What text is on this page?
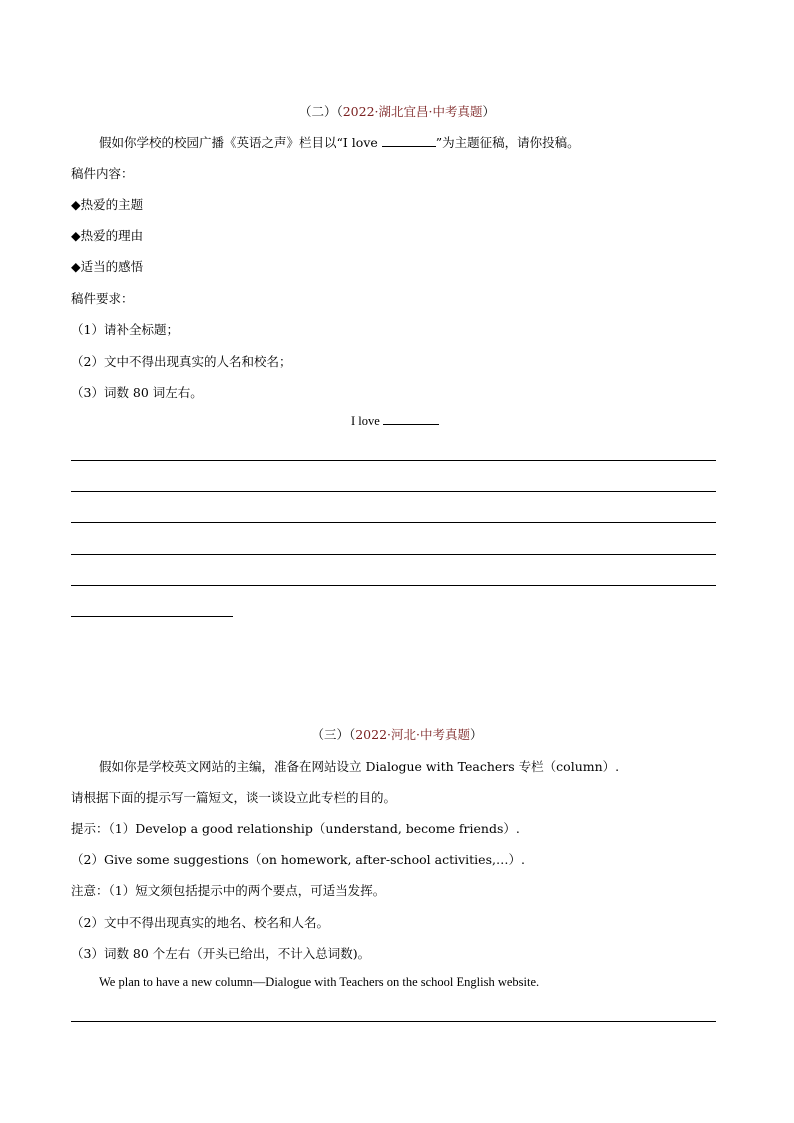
（二）（2022·湖北宜昌·中考真题）
假如你学校的校园广播《英语之声》栏目以“I love	”为主题征稿，请你投稿。
稿件内容：
◆热爱的主题
◆热爱的理由
◆适当的感悟
稿件要求：
（1）请补全标题；
（2）文中不得出现真实的人名和校名；
（3）词数 80 词左右。
I love
（三）（2022·河北·中考真题）
假如你是学校英文网站的主编，准备在网站设立 Dialogue with Teachers 专栏（column）.
请根据下面的提示写一篇短文，谈一谈设立此专栏的目的。
提示：（1）Develop a good relationship（understand, become friends）.
（2）Give some suggestions（on homework, after-school activities,…）.
注意：（1）短文须包括提示中的两个要点，可适当发挥。
（2）文中不得出现真实的地名、校名和人名。
（3）词数 80 个左右（开头已给出，不计入总词数)。
We plan to have a new column—Dialogue with Teachers on the school English website.
